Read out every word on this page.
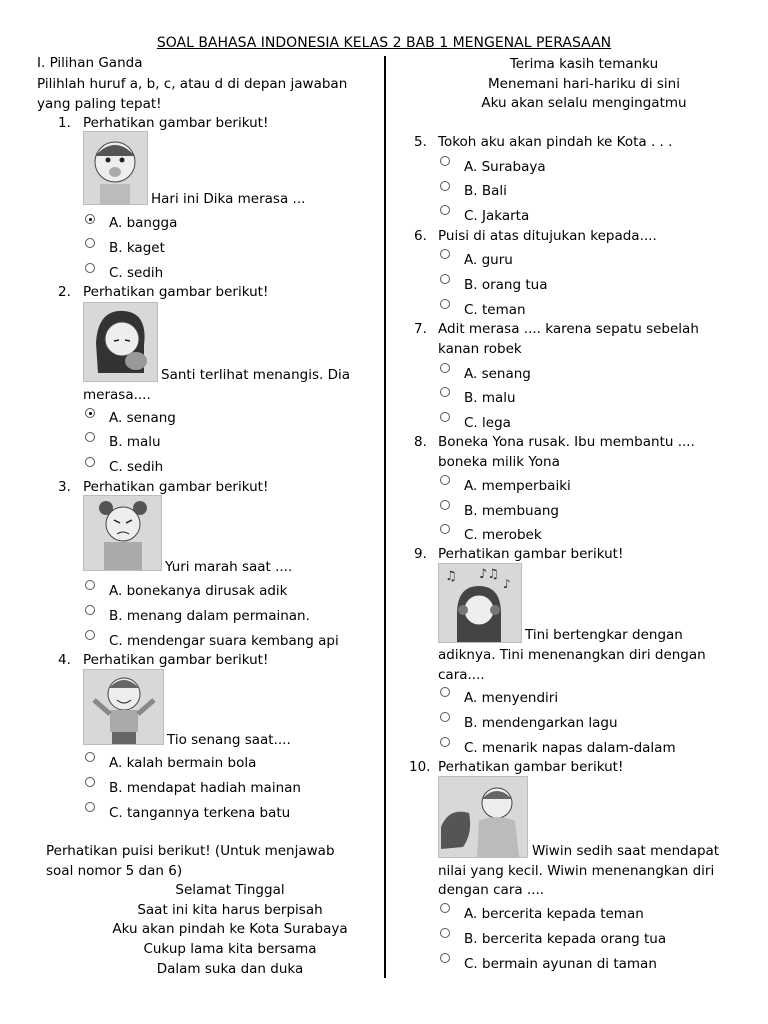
SOAL BAHASA INDONESIA KELAS 2 BAB 1 MENGENAL PERASAAN
I. Pilihan Ganda
Pilihlah huruf a, b, c, atau d di depan jawaban
yang paling tepat!
1. Perhatikan gambar berikut!
Hari ini Dika merasa ...
A. bangga
B. kaget
C. sedih
2. Perhatikan gambar berikut!
Santi terlihat menangis. Dia
merasa....
A. senang
B. malu
C. sedih
3. Perhatikan gambar berikut!
Yuri marah saat ....
A. bonekanya dirusak adik
B. menang dalam permainan.
C. mendengar suara kembang api
4. Perhatikan gambar berikut!
Tio senang saat....
A. kalah bermain bola
B. mendapat hadiah mainan
C. tangannya terkena batu
Perhatikan puisi berikut! (Untuk menjawab
soal nomor 5 dan 6)
Selamat Tinggal
Saat ini kita harus berpisah
Aku akan pindah ke Kota Surabaya
Cukup lama kita bersama
Dalam suka dan duka
Terima kasih temanku
Menemani hari-hariku di sini
Aku akan selalu mengingatmu
5. Tokoh aku akan pindah ke Kota . . .
A. Surabaya
B. Bali
C. Jakarta
6. Puisi di atas ditujukan kepada....
A. guru
B. orang tua
C. teman
7. Adit merasa .... karena sepatu sebelah
kanan robek
A. senang
B. malu
C. lega
8. Boneka Yona rusak. Ibu membantu ....
boneka milik Yona
A. memperbaiki
B. membuang
C. merobek
9. Perhatikan gambar berikut!
♫ ♪♫
♪
Tini bertengkar dengan
adiknya. Tini menenangkan diri dengan
cara....
A. menyendiri
B. mendengarkan lagu
C. menarik napas dalam-dalam
10. Perhatikan gambar berikut!
Wiwin sedih saat mendapat
nilai yang kecil. Wiwin menenangkan diri
dengan cara ....
A. bercerita kepada teman
B. bercerita kepada orang tua
C. bermain ayunan di taman
